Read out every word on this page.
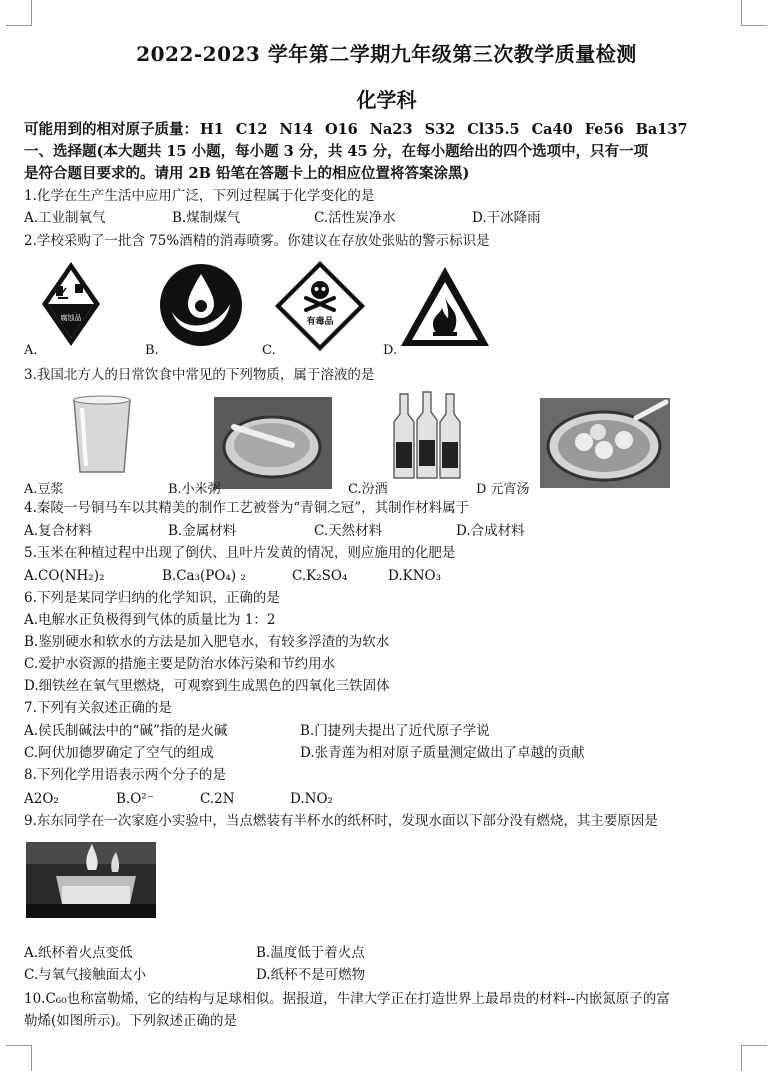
2022-2023 学年第二学期九年级第三次教学质量检测
化学科
可能用到的相对原子质量： H1 C12 N14 O16 Na23 S32 Cl35.5 Ca40 Fe56 Ba137
一、选择题(本大题共 15 小题，每小题 3 分，共 45 分，在每小题给出的四个选项中，只有一项
是符合题目要求的。请用 2B 铅笔在答题卡上的相应位置将答案涂黑)
1.化学在生产生活中应用广泛，下列过程属于化学变化的是
A.工业制氧气	B.煤制煤气	C.活性炭净水	D.干冰降雨
2.学校采购了一批含 75%酒精的消毒喷雾。你建议在存放处张贴的警示标识是
腐蚀品
A.	B.
有毒品
C.	D.
3.我国北方人的日常饮食中常见的下列物质，属于溶液的是
A.豆浆	B.小米粥	C.汾酒	D 元宵汤
4.秦陵一号铜马车以其精美的制作工艺被誉为“青铜之冠”，其制作材料属于
A.复合材料	B.金属材料	C.天然材料	D.合成材料
5.玉米在种植过程中出现了倒伏、且叶片发黄的情况，则应施用的化肥是
A.CO(NH₂)₂	B.Ca₃(PO₄) ₂	C.K₂SO₄	D.KNO₃
6.下列是某同学归纳的化学知识，正确的是
A.电解水正负极得到气体的质量比为 1：2
B.鉴别硬水和软水的方法是加入肥皂水，有较多浮渣的为软水
C.爱护水资源的措施主要是防治水体污染和节约用水
D.细铁丝在氧气里燃烧，可观察到生成黑色的四氧化三铁固体
7.下列有关叙述正确的是
A.侯氏制碱法中的“碱”指的是火碱	B.门捷列夫提出了近代原子学说
C.阿伏加德罗确定了空气的组成	D.张青莲为相对原子质量测定做出了卓越的贡献
8.下列化学用语表示两个分子的是
A2O₂	B.O²⁻	C.2N	D.NO₂
9.东东同学在一次家庭小实验中，当点燃装有半杯水的纸杯时，发现水面以下部分没有燃烧，其主要原因是
A.纸杯着火点变低	B.温度低于着火点
C.与氧气接触面太小	D.纸杯不是可燃物
10.C₆₀也称富勒烯，它的结构与足球相似。据报道，牛津大学正在打造世界上最昂贵的材料--内嵌氮原子的富
勒烯(如图所示)。下列叙述正确的是
